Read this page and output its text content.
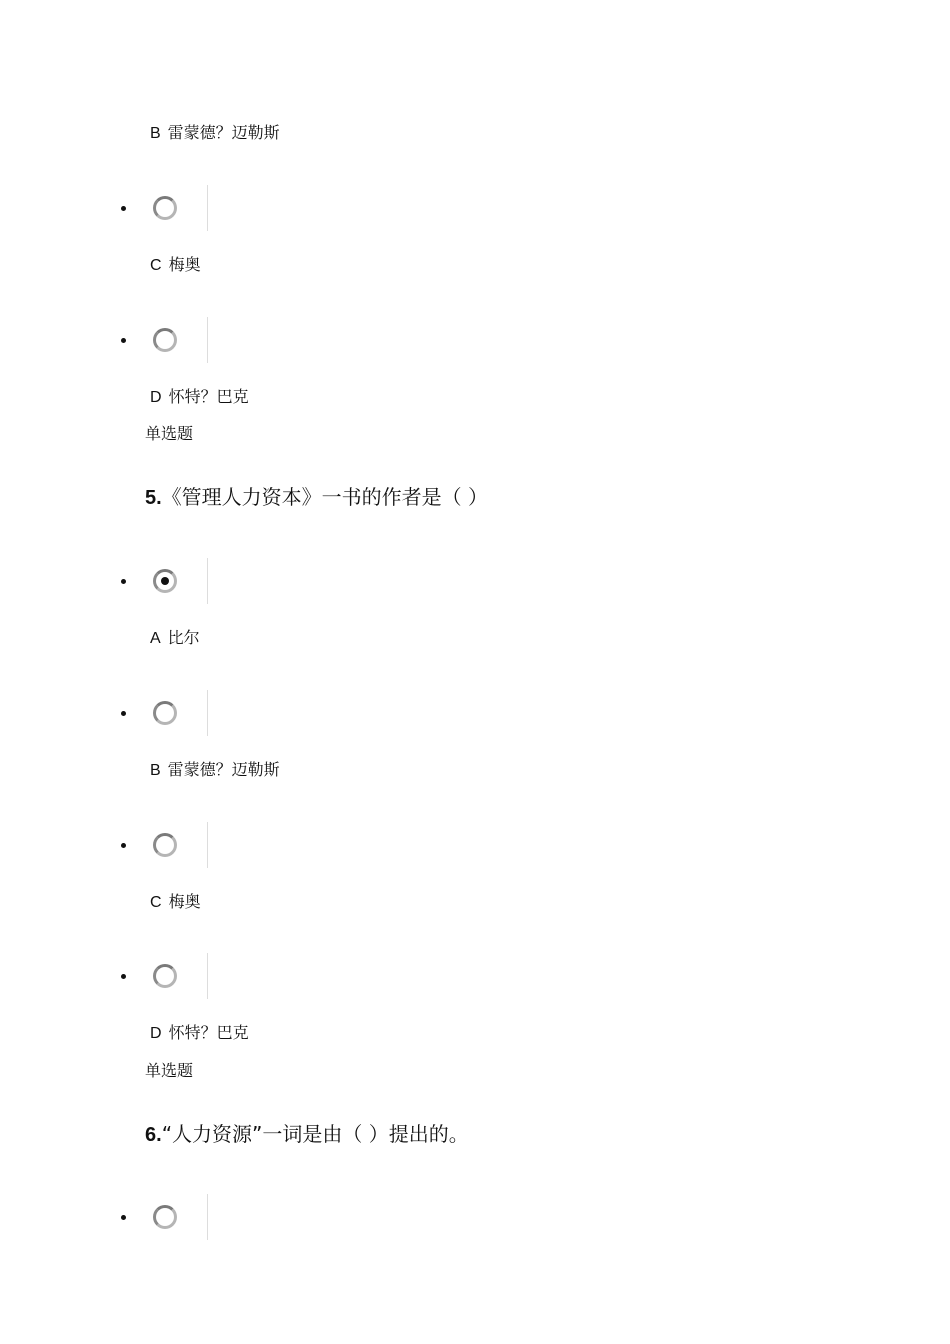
B 雷蒙德？迈勒斯
C 梅奥
D 怀特？巴克
单选题
5.《管理人力资本》一书的作者是（ ）
A 比尔
B 雷蒙德？迈勒斯
C 梅奥
D 怀特？巴克
单选题
6.“人力资源”一词是由（ ）提出的。
